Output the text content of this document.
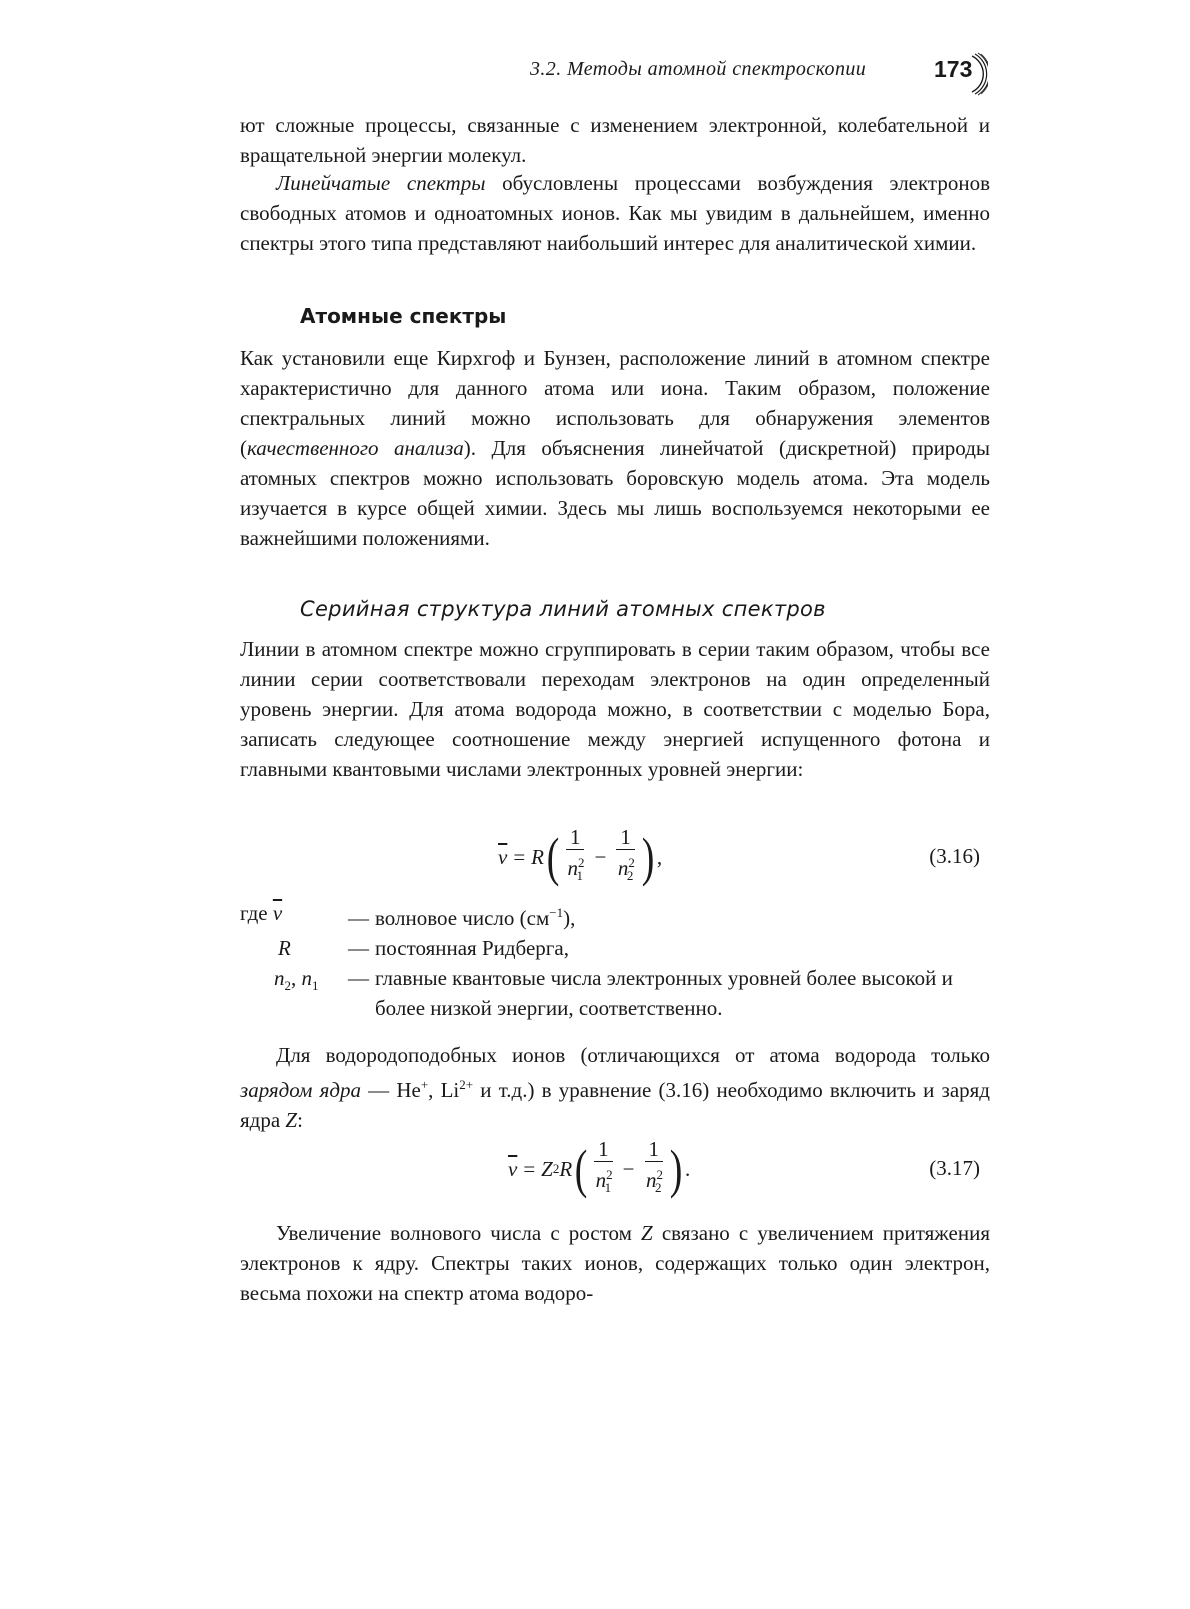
3.2. Методы атомной спектроскопии	173

ют сложные процессы, связанные с изменением электронной, колебательной и вращательной энергии молекул.

Линейчатые спектры обусловлены процессами возбуждения электронов свободных атомов и одноатомных ионов. Как мы увидим в дальнейшем, именно спектры этого типа представляют наибольший интерес для аналитической химии.

Атомные спектры

Как установили еще Кирхгоф и Бунзен, расположение линий в атомном спектре характеристично для данного атома или иона. Таким образом, положение спектральных линий можно использовать для обнаружения элементов (качественного анализа). Для объяснения линейчатой (дискретной) природы атомных спектров можно использовать боровскую модель атома. Эта модель изучается в курсе общей химии. Здесь мы лишь воспользуемся некоторыми ее важнейшими положениями.

Серийная структура линий атомных спектров

Линии в атомном спектре можно сгруппировать в серии таким образом, чтобы все линии серии соответствовали переходам электронов на один определенный уровень энергии. Для атома водорода можно, в соответствии с моделью Бора, записать следующее соотношение между энергией испущенного фотона и главными квантовыми числами электронных уровней энергии:

$\overline{\nu} = R$ ( $\frac{1}{n^2_1} - \frac{1}{n^2_2}$ ) ,	(3.16)
где $\overline{\nu}$	— волновое число $(см^{-1})$,
R	— постоянная Ридберга,
$n_2$, $n_1$	— главные квантовые числа электронных уровней более высокой и более низкой энергии, соответственно.

Для водородоподобных ионов (отличающихся от атома водорода только зарядом ядра — He+, $Li^{2+}$ и т.д.) в уравнение (3.16) необходимо включить и заряд ядра Z:

$\overline{\nu} = Z$ 2 R ( $\frac{1}{n^2_1} - \frac{1}{n^2_2}$ ) .	(3.17)

Увеличение волнового числа с ростом Z связано с увеличением притяжения электронов к ядру. Спектры таких ионов, содержащих только один электрон, весьма похожи на спектр атома водоро-
